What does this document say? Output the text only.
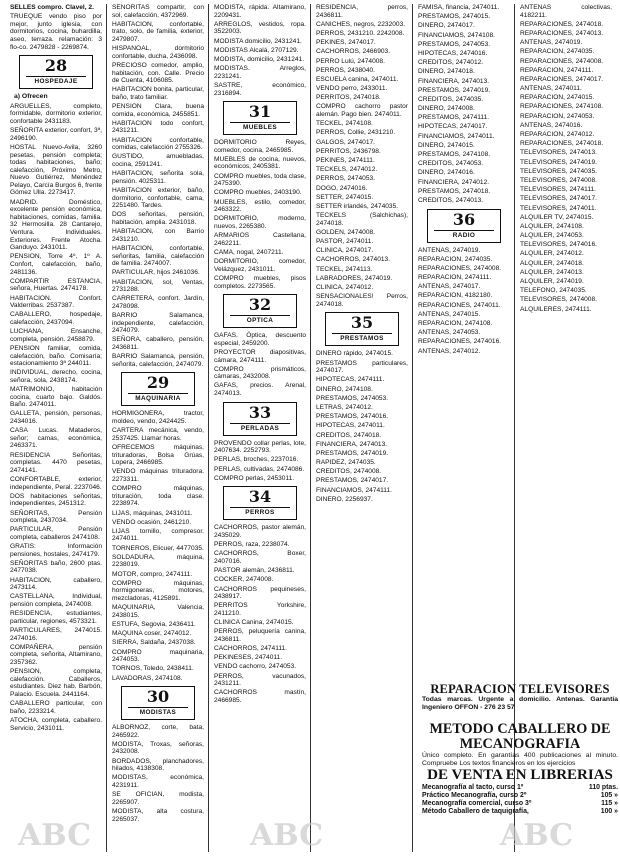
SELLES compro. Clavel, 2.

TRUEQUE vendo piso por mejor, junto iglesia, con dormitorios, cocina, buhardilla, aseo, terraza. relamación: 3 flo-co. 2479828 - 2269874.

28
HOSPEDAJE
a) Ofrecen

ARGUELLES, completo, formidable, dormitorio exterior, confortable 2431183.

SEÑORITA exterior, confort, 3ª, 2496190.

HOSTAL Nuevo-Avila, 3260 pesetas, pensión completa; todas habitaciones, baño; calefacción, Próximo Metro, Nuevo Gutiérrez, Menéndez Pelayo, Carcía Burgos 6, frente Gómez Ulla. 2273417.

MADRID. Doméstico, excelente pensión económica, habitaciones, comidas, familia. 32 Hermosilla. 28 Cantarejo, Ventura. Individuales. Exteriores. Frente Atocha. Ganduyo. 2431011.

PENSION, Torre 4º, 1º A. Confort, calefacción, baño, 2481136.

COMPARTIR ESTANCIA, señora, Huertas. 2474178.

HABITACION. Confort. Valderribas. 2537387.

CABALLERO, hospedaje, calefacción, 2437094.

LUCHANA, Ensanche, completa, pensión. 2458879.

PENSION familiar, comida, calefacción, baño. Comisaría; estacionamiento 3ª 244011.

INDIVIDUAL, derecho, cocina, señora, sola, 2438174.

MATRIMONIO, habitación cocina, cuarto bajo. Galdós. Baño. 2474011.

GALLETA, pensión, personas, 2434016.

CASA Lucas. Mataderos, señor; camas, económica, 2463371.

RESIDENCIA Señoritas, completas. 4470 pesetas, 2474141.

CONFORTABLE, exterior, independiente, Peral. 2237046.

DOS habitaciones señoritas, independientes, 2451312.

SEÑORITAS, Pensión completa, 2437034.

PARTICULAR, Pensión completa, caballeros 2474108.

GRATIS: Información pensiones, hostales, 2474179.

SEÑORITAS baño, 2600 ptas. 2477038.

HABITACION, caballero, 2473114.

CASTELLANA, Individual, pensión completa, 2474008.

RESIDENCIA, estudiantes, particular, regiones, 4573321.

PARTICULARES, 2474015. 2474016.

COMPAÑERA, pensión completa, señorita, Altamirano, 2357362.

PENSION, completa, calefacción. Caballeros, estudiantes. Diez hab. Barbón, Palacio. Escuela. 2441164.

CABALLERO particular, con baño, 2233214.

ATOCHA, completa, caballero. Servicio, 2431011.

SEÑORITAS compartir, con sol, calefacción, 4372969.

HABITACION, confortable, trato, solo, de familia, exterior, 2479807.

HISPANOAL, dormitorio confortable, ducha, 2436098.

PRECIOSO comedor, amplio, habitación, con. Calle. Precio de Cuenta, 4106085.

HABITACION bonita, particular, baño, trato familiar.

PENSION Clara, buena comida, económica, 2455851.

HABITACION todo confort, 2431211.

HABITACION confortable, comidas, calefacción 2755326.

GUSTIDO, amuebladas, cocina, 2591241.

HABITACION, señorita sola, pensión. 4025311.

HABITACION exterior, baño, dormitorio, confortable, cama, 2251480. Tardes.

DOS señoritas, pensión, habitación, amplia. 2431018.

HABITACION, con Barrio 2431210.

HABITACION, confortable, señoritas, familia, calefacción de familia. 2474007.

PARTICULAR, hijos 2461036.

HABITACION, sol, Ventas, 2731288.

CARRETERA, confort. Jardín, 2478098.

BARRIO Salamanca, independiente, calefacción, 2474079.

SEÑORA, caballero, pensión, 2436811.

BARRIO Salamanca, pensión, señorita, calefacción, 2474079.

29
MAQUINARIA

HORMIGONERA, tractor, moldeo, vendo, 2424425.

CARTERA mecánica, vendo, 2537425. Llamar horas.

OFRECEMOS máquinas, trituradoras, Bolsa Grúas, Lopera, 2466985.

VENDO máquinas trituradora. 2273311.

COMPRO máquinas, trituración, toda clase. 2238974.

LIJAS, máquinas, 2431011.

VENDO ocasión, 2461210.

LIJAS tornillo, compresor. 2474011.

TORNEROS, Elicuer, 4477035.

SOLDADURA, máquina, 2238019.

MOTOR, compro, 2474111.

COMPRO máquinas, hormigoneras, motores, mezcladoras, 4125891.

MAQUINARIA, Valencia, 2438015.

ESTUFA, Segovia, 2436411.

MAQUINA coser, 2474012.

SIERRA, Saldaña, 2437038.

COMPRO maquinaria, 2474053.

TORNOS, Toledo, 2438411.

LAVADORAS, 2474108.

30
MODISTAS

ALBORNOZ, corte, bata, 2465922.

MODISTA, Troxas, señoras, 2432008.

BORDADOS, planchadores, hilados, 4138308.

MODISTAS, económica, 4231911.

SE OFICIAN, modista, 2265907.

MODISTA, alta costura, 2265037.

MODISTA, rápida. Altamirano, 2209431.

ARREGLOS, vestidos, ropa. 3522003.

MODISTA domicilio, 2431241.

MODISTAS Alcalá, 2707129.

MODISTA, domicilio, 2431241.

MODISTAS. Arreglos, 2231241.

SASTRE, económico, 2316894.

31
MUEBLES

DORMITORIO Reyes, comedor, cocina, 2465985.

MUEBLES de cocina, nuevos, económicos, 2405381.

COMPRO muebles, toda clase, 2475390.

COMPRO muebles, 2403190.

MUEBLES, estilo, comedor, 2463322.

DORMITORIO, moderno, nuevos, 2265380.

ARMARIOS Castellana, 2462211.

CAMA, nogal, 2407211.

DORMITORIO, comedor, Velázquez, 2431011.

COMPRO muebles, pisos completos. 2273565.

32
OPTICA

GAFAS. Óptica, descuento especial, 2459200.

PROYECTOR diapositivas, cámara, 2474111.

COMPRO prismáticos, cámaras, 2432008.

GAFAS, precios. Arenal, 2474013.

33
PERLADAS

PROVENDO collar perlas, lote, 2407634. 2252793.

PERLAS, broches, 2237016.

PERLAS, cultivadas, 2474086.

COMPRO perlas, 2453011.

34
PERROS

CACHORROS, pastor alemán, 2435029.

PERROS, raza, 2238074.

CACHORROS, Boxer, 2407016.

PASTOR alemán, 2436811.

COCKER, 2474008.

CACHORROS pequineses, 2438917.

PERRITOS Yorkshire, 2411210.

CLINICA Canina, 2474015.

PERROS, peluquería canina, 2436811.

CACHORROS, 2474111.

PEKINESES, 2474011.

VENDO cachorro, 2474053.

PERROS, vacunados, 2431211.

CACHORROS mastín, 2466985.

RESIDENCIA, perros, 2436811.

CANICHES, negros, 2232003.

PERROS, 2431210. 2242008.

PEKINES, 2474017.

CACHORROS, 2466903.

PERRO Lulú, 2474008.

PERROS, 2438040.

ESCUELA canina, 2474011.

VENDO perro, 2433011.

PERRITOS, 2474018.

COMPRO cachorro pastor alemán. Pago bien. 2474011.

TECKEL, 2474108.

PERROS, Collie, 2431210.

GALGOS, 2474017.

PERRITOS, 2436798.

PEKINES, 2474111.

TECKELS, 2474012.

PERROS, 2474053.

DOGO, 2474016.

SETTER, 2474015.

SETTER irlandés, 2474035.

TECKELS (Salchichas), 2474018.

GOLDEN, 2474008.

PASTOR, 2474011.

CLINICA, 2474017.

CACHORROS, 2474013.

TECKEL, 2474113.

LABRADORES, 2474019.

CLINICA, 2474012.

SENSACIONALES! Perros, 2474018.

35
PRESTAMOS

DINERO rápido, 2474015.

PRESTAMOS particulares, 2474017.

HIPOTECAS, 2474111.

DINERO, 2474108.

PRESTAMOS, 2474053.

LETRAS, 2474012.

PRESTAMOS, 2474016.

HIPOTECAS, 2474011.

CREDITOS, 2474018.

FINANCIERA, 2474013.

PRESTAMOS, 2474019.

RAPIDEZ, 2474035.

CREDITOS, 2474008.

PRESTAMOS, 2474017.

FINANCIAMOS, 2474111.

DINERO, 2256937.

FAMISA, financia, 2474011.

PRESTAMOS, 2474015.

DINERO, 2474017.

FINANCIAMOS, 2474108.

PRESTAMOS, 2474053.

HIPOTECAS, 2474016.

CREDITOS, 2474012.

DINERO, 2474018.

FINANCIERA, 2474013.

PRESTAMOS, 2474019.

CREDITOS, 2474035.

DINERO, 2474008.

PRESTAMOS, 2474111.

HIPOTECAS, 2474017.

FINANCIAMOS, 2474011.

DINERO, 2474015.

PRESTAMOS, 2474108.

CREDITOS, 2474053.

DINERO, 2474016.

FINANCIERA, 2474012.

PRESTAMOS, 2474018.

CREDITOS, 2474013.

36
RADIO

ANTENAS, 2474019.

REPARACION, 2474035.

REPARACIONES, 2474008.

REPARACION, 2474111.

ANTENAS, 2474017.

REPARACION, 4182180.

REPARACIONES, 2474011.

ANTENAS, 2474015.

REPARACION, 2474108.

ANTENAS, 2474053.

REPARACIONES, 2474016.

ANTENAS, 2474012.

ANTENAS colectivas, 4182211.

REPARACIONES, 2474018.

REPARACIONES, 2474013.

ANTENAS, 2474019.

REPARACION, 2474035.

REPARACIONES, 2474008.

REPARACION, 2474111.

REPARACIONES, 2474017.

ANTENAS, 2474011.

REPARACION, 2474015.

REPARACIONES, 2474108.

REPARACION, 2474053.

ANTENAS, 2474016.

REPARACION, 2474012.

REPARACIONES, 2474018.

TELEVISORES, 2474013.

TELEVISORES, 2474019.

TELEVISORES, 2474035.

TELEVISORES, 2474008.

TELEVISORES, 2474111.

TELEVISORES, 2474017.

TELEVISORES, 2474011.

ALQUILER TV, 2474015.

ALQUILER, 2474108.

ALQUILER, 2474053.

TELEVISORES, 2474016.

ALQUILER, 2474012.

ALQUILER, 2474018.

ALQUILER, 2474013.

ALQUILER, 2474019.

TELEFONO, 2474035.

TELEVISORES, 2474008.

ALQUILERES, 2474111.

REPARACION TELEVISORES
Todas marcas. Urgente a domicilio. Antenas. Garantía Ingeniero OFFON - 276 23 57
METODO CABALLERO DE MECANOGRAFIA
Único completo. En garantías 400 publicaciones al minuto. Compruebe Los textos financieros en los ejercicios
DE VENTA EN LIBRERIAS
Mecanografía al tacto, curso 1º	110 ptas.
Práctico Mecanografía, curso 2º	105 »
Mecanografía comercial, curso 3º	115 »
Método Caballero de taquigrafía,	100 »
ABC	ABC	ABC
